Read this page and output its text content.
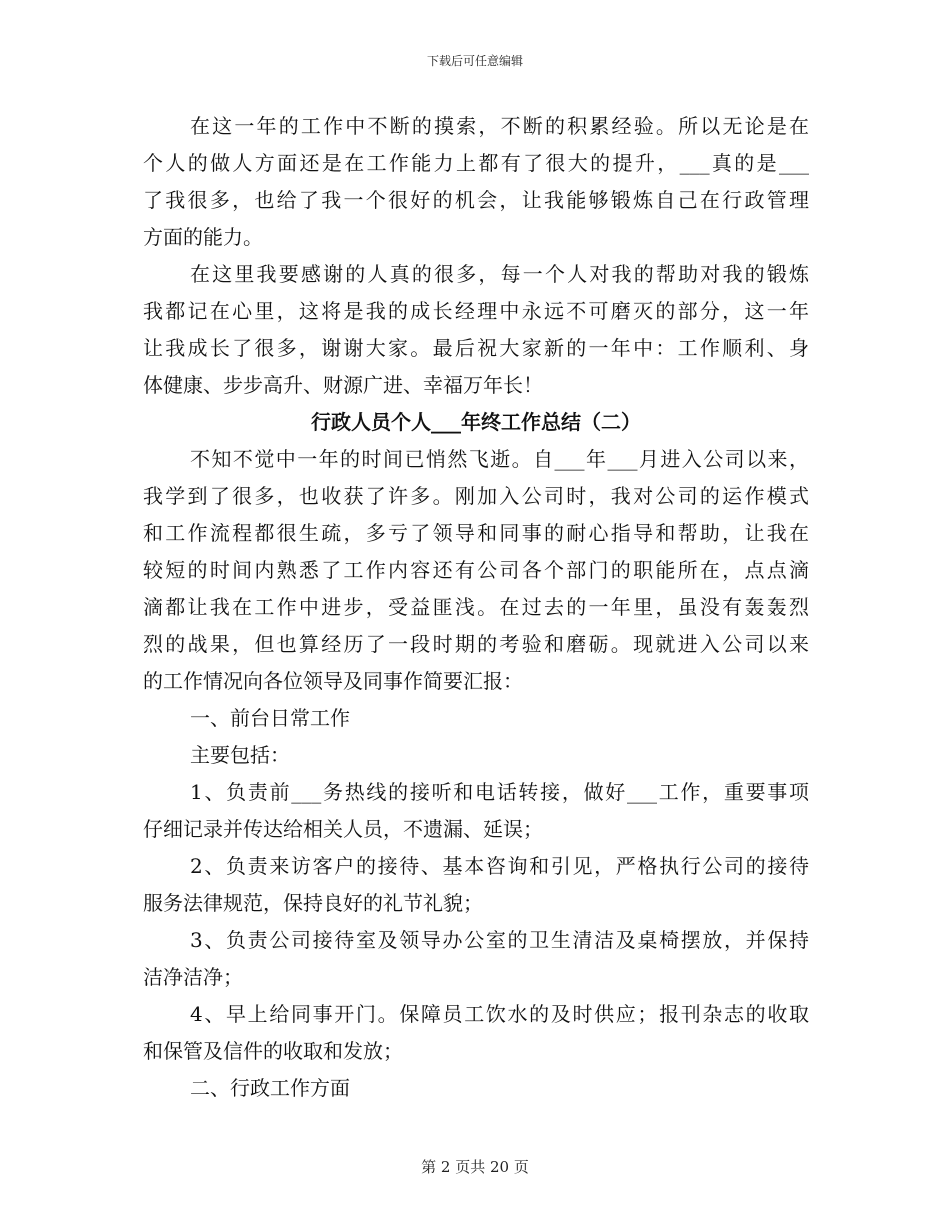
下载后可任意编辑
在这一年的工作中不断的摸索，不断的积累经验。所以无论是在
个人的做人方面还是在工作能力上都有了很大的提升，___真的是___
了我很多，也给了我一个很好的机会，让我能够锻炼自己在行政管理
方面的能力。
在这里我要感谢的人真的很多，每一个人对我的帮助对我的锻炼
我都记在心里，这将是我的成长经理中永远不可磨灭的部分，这一年
让我成长了很多，谢谢大家。最后祝大家新的一年中：工作顺利、身
体健康、步步高升、财源广进、幸福万年长！
行政人员个人___年终工作总结（二）
不知不觉中一年的时间已悄然飞逝。自___年___月进入公司以来，
我学到了很多，也收获了许多。刚加入公司时，我对公司的运作模式
和工作流程都很生疏，多亏了领导和同事的耐心指导和帮助，让我在
较短的时间内熟悉了工作内容还有公司各个部门的职能所在，点点滴
滴都让我在工作中进步，受益匪浅。在过去的一年里，虽没有轰轰烈
烈的战果，但也算经历了一段时期的考验和磨砺。现就进入公司以来
的工作情况向各位领导及同事作简要汇报：
一、前台日常工作
主要包括：
1、负责前___务热线的接听和电话转接，做好___工作，重要事项
仔细记录并传达给相关人员，不遗漏、延误；
2、负责来访客户的接待、基本咨询和引见，严格执行公司的接待
服务法律规范，保持良好的礼节礼貌；
3、负责公司接待室及领导办公室的卫生清洁及桌椅摆放，并保持
洁净洁净；
4、早上给同事开门。保障员工饮水的及时供应；报刊杂志的收取
和保管及信件的收取和发放；
二、行政工作方面
第 2 页共 20 页
